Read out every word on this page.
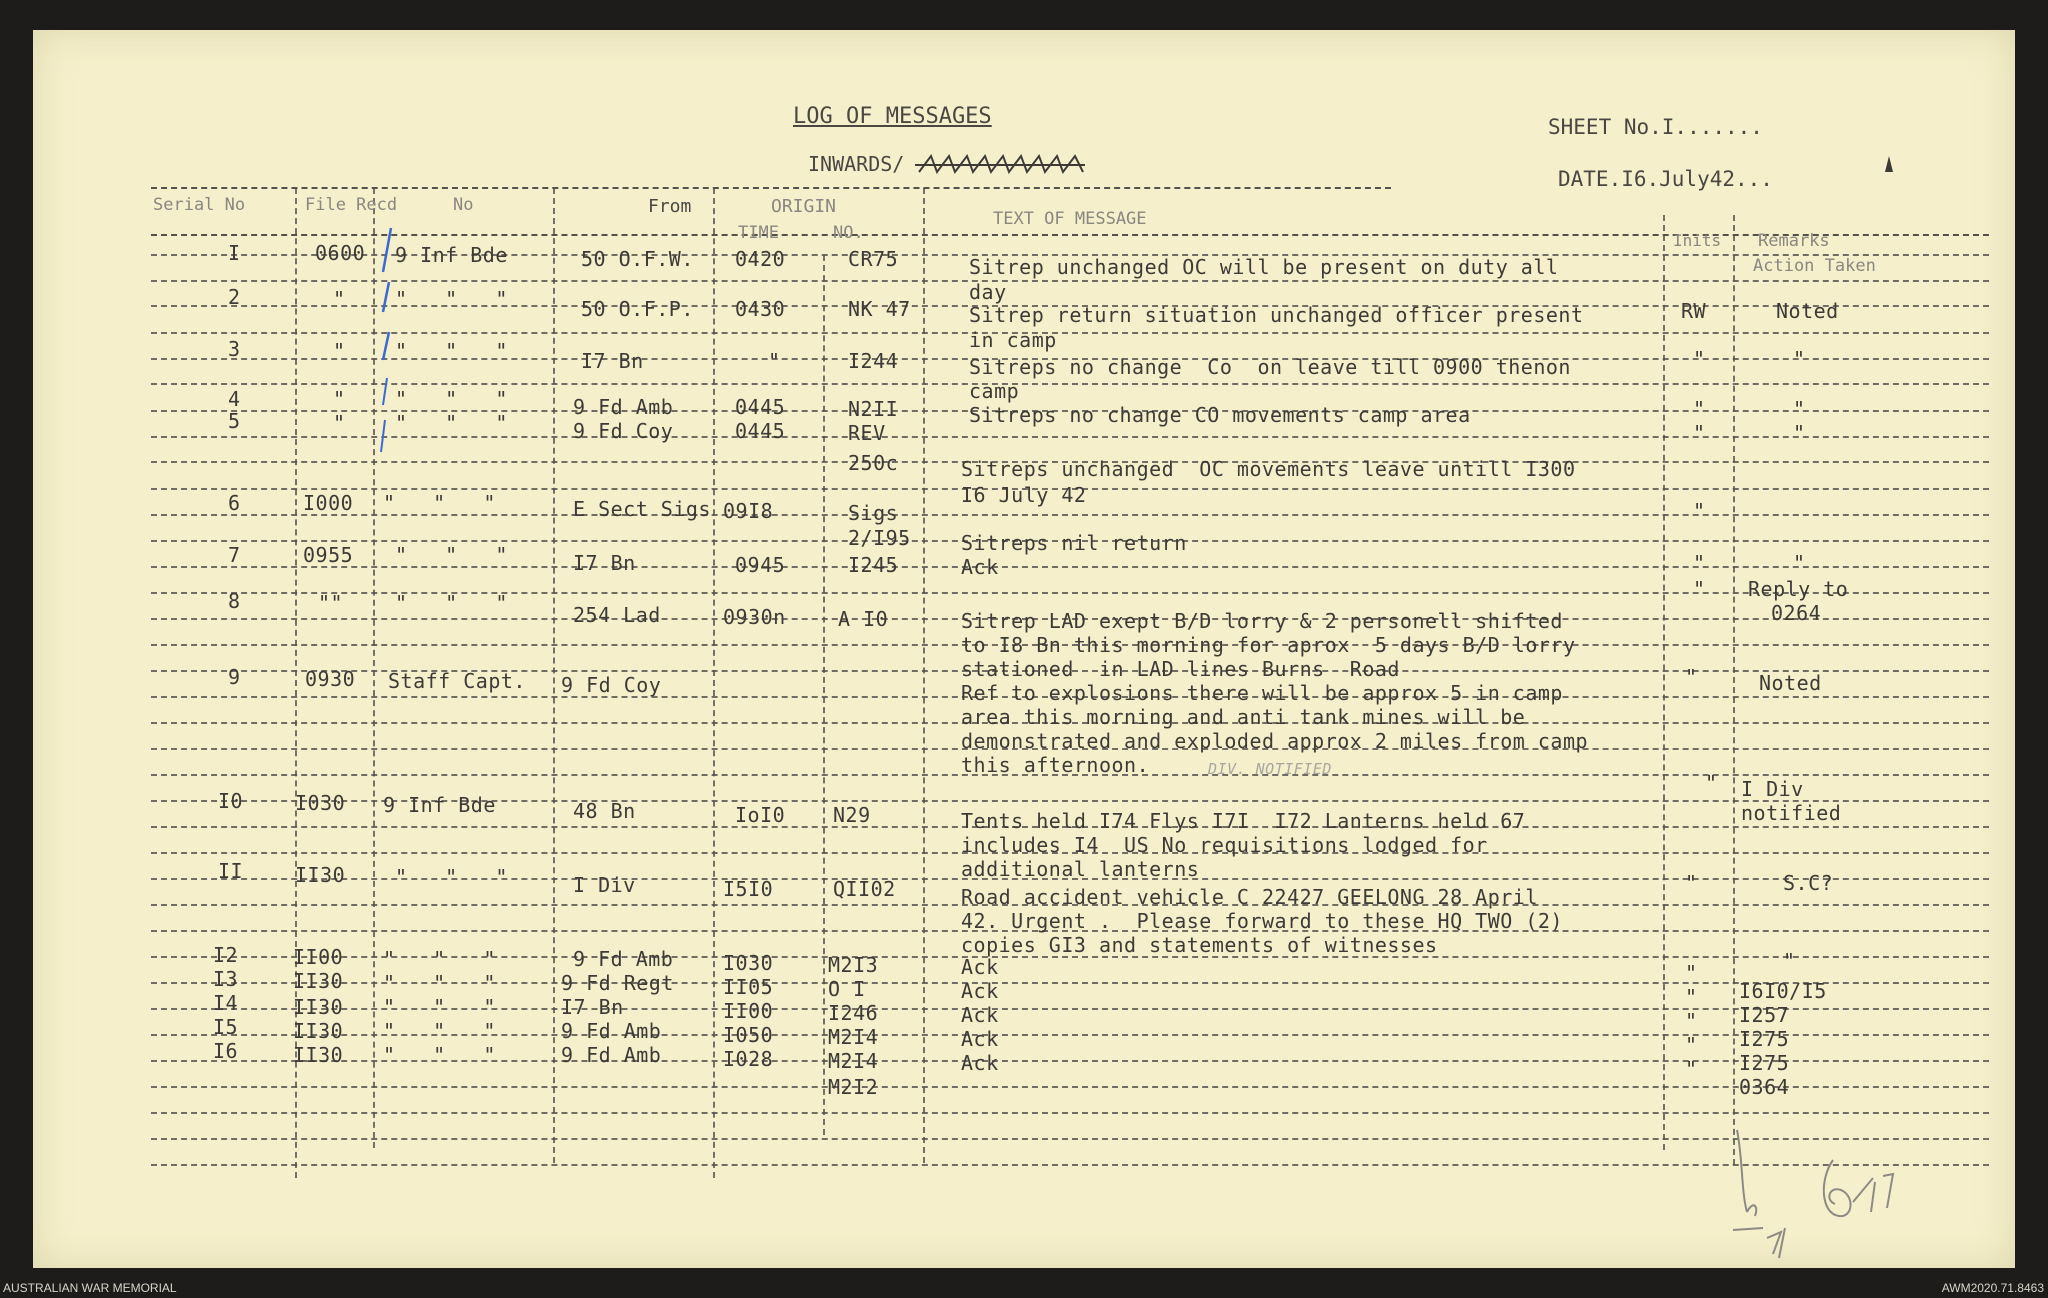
LOG OF MESSAGES
INWARDS/
SHEET No.I.......
DATE.I6.July42...
Serial No	File Recd	No	From	ORIGIN
TIME	NO.
TEXT OF MESSAGE
Inits Remarks
Action Taken
I	0600 9 Inf Bde	50 O.F.W. 0420	CR75	Sitrep unchanged OC will be present on duty all
day
2	" "   "   "	50 O.F.P. 0430	NK 47	Sitrep return situation unchanged officer present
in camp
RW	Noted
3	" "   "   "	I7 Bn	"	I244	Sitreps no change  Co  on leave till 0900 thenon
camp
"	"
4	" "   "   "	9 Fd Amb	0445	N2II	Sitreps no change CO movements camp area	"	"
5	" "   "   "	9 Fd Coy	0445	REV	"	"
250c	Sitreps unchanged  OC movements leave untill I300
I6 July 42
6	I000 "   "   "	E Sect Sigs 09I8	Sigs
2/I95	Sitreps nil return
"
"
7	0955 "   "   "	I7 Bn	0945	I245	Ack	"
8	""	"   "   "	254 Lad	0930n	A I0	Sitrep LAD exept B/D lorry & 2 personell shifted
to I8 Bn this morning for aprox  5 days B/D lorry
stationed  in LAD lines Burns  Road
" Reply to
0264
9	0930 Staff Capt. 9 Fd Coy	Ref to explosions there will be approx 5 in camp
area this morning and anti tank mines will be
demonstrated and exploded approx 2 miles from camp
this afternoon.	DIV. NOTIFIED
"	Noted
I0	I030 9 Inf Bde	48 Bn	IoI0 N29	Tents held I74 Flys I7I  I72 Lanterns held 67
includes I4  US No requisitions lodged for
additional lanterns
" I Div
notified
II	II30 "   "   "	I Div	I5I0	QII02	Road accident vehicle C 22427 GEELONG 28 April
42. Urgent .  Please forward to these HQ TWO (2)
copies GI3 and statements of witnesses
"	S.C?
I2	II00 "   "   "	9 Fd Amb I030	M2I3	Ack	"	"
I3	II30 "   "   "	9 Fd Regt II05	O I	Ack	" I6I0/I5
I4	II30 "   "   "	I7 Bn	II00	I246	Ack	" I257
I5	II30 "   "   "	9 Fd Amb	I050	M2I4	Ack	" I275
I6	II30 "   "   "	9 Fd Amb	I028	M2I4
M2I2
Ack	" I275
0364
AUSTRALIAN WAR MEMORIAL	AWM2020.71.8463
